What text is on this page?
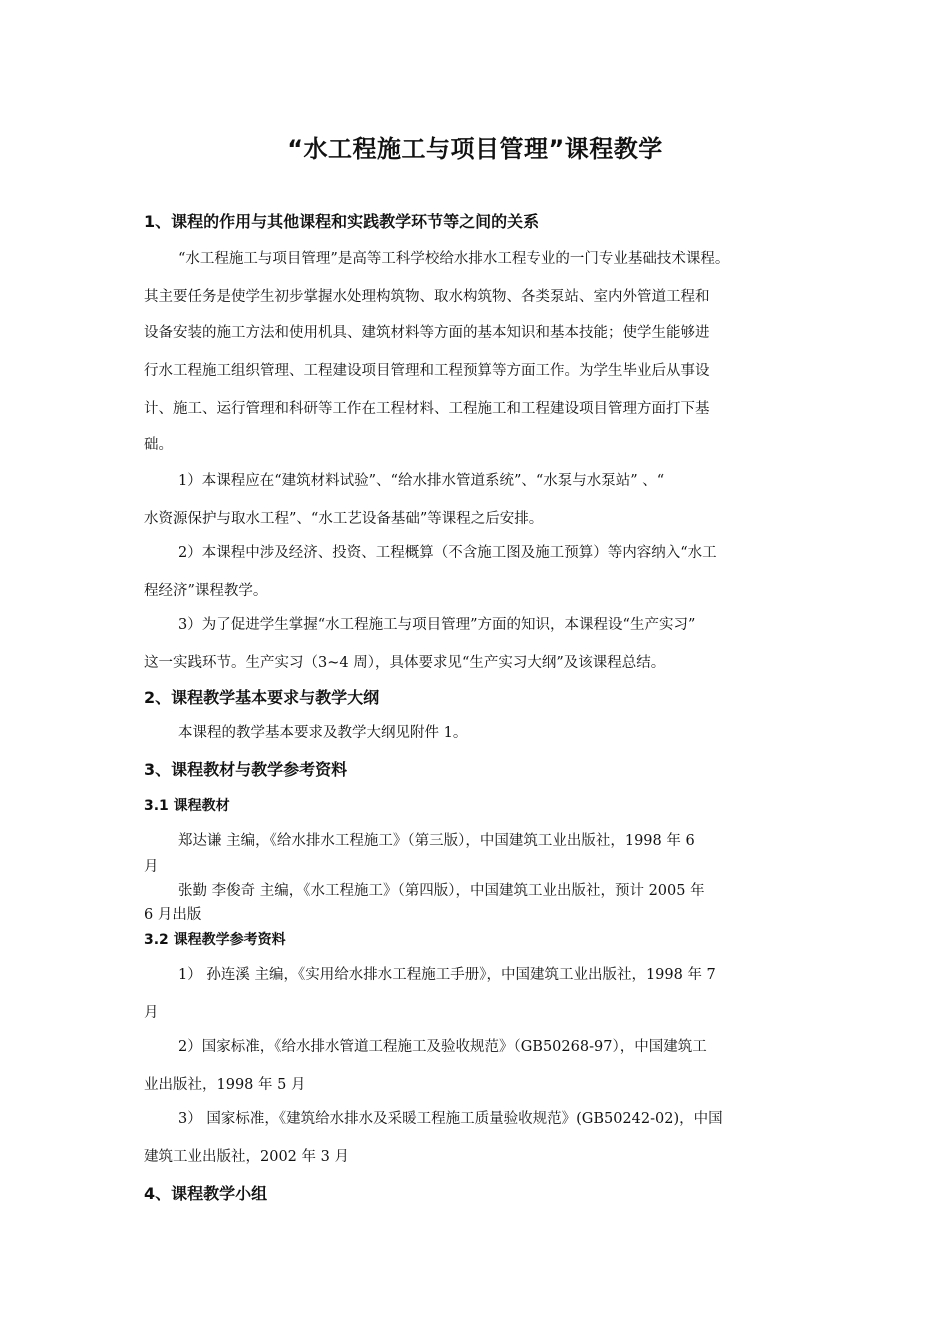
“水工程施工与项目管理”课程教学
1、课程的作用与其他课程和实践教学环节等之间的关系
“水工程施工与项目管理”是高等工科学校给水排水工程专业的一门专业基础技术课程。
其主要任务是使学生初步掌握水处理构筑物、取水构筑物、各类泵站、室内外管道工程和
设备安装的施工方法和使用机具、建筑材料等方面的基本知识和基本技能；使学生能够进
行水工程施工组织管理、工程建设项目管理和工程预算等方面工作。为学生毕业后从事设
计、施工、运行管理和科研等工作在工程材料、工程施工和工程建设项目管理方面打下基
础。
1）本课程应在“建筑材料试验”、“给水排水管道系统”、“水泵与水泵站” 、“
水资源保护与取水工程”、“水工艺设备基础”等课程之后安排。
2）本课程中涉及经济、投资、工程概算（不含施工图及施工预算）等内容纳入“水工
程经济”课程教学。
3）为了促进学生掌握“水工程施工与项目管理”方面的知识，本课程设“生产实习”
这一实践环节。生产实习（3~4 周），具体要求见“生产实习大纲”及该课程总结。
2、课程教学基本要求与教学大纲
本课程的教学基本要求及教学大纲见附件 1。
3、课程教材与教学参考资料
3.1 课程教材
郑达谦 主编，《给水排水工程施工》（第三版），中国建筑工业出版社，1998 年 6
月
张勤 李俊奇 主编，《水工程施工》（第四版），中国建筑工业出版社，预计 2005 年
6 月出版
3.2 课程教学参考资料
1） 孙连溪 主编，《实用给水排水工程施工手册》，中国建筑工业出版社，1998 年 7
月
2）国家标准，《给水排水管道工程施工及验收规范》（GB50268-97），中国建筑工
业出版社，1998 年 5 月
3） 国家标准，《建筑给水排水及采暖工程施工质量验收规范》(GB50242-02)，中国
建筑工业出版社，2002 年 3 月
4、课程教学小组
